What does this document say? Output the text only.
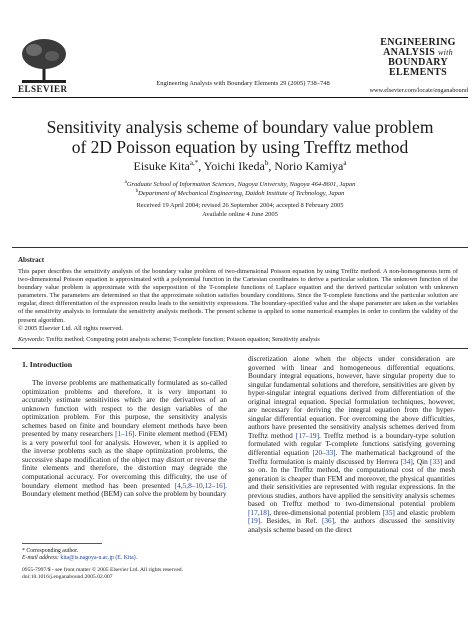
ELSEVIER
Engineering Analysis with Boundary Elements 29 (2005) 738–748
ENGINEERING
ANALYSIS with
BOUNDARY
ELEMENTS
www.elsevier.com/locate/enganabound
Sensitivity analysis scheme of boundary value problem
of 2D Poisson equation by using Trefftz method
Eisuke Kita$^{a,*}$, Yoichi Ikeda$^b$, Norio Kamiya$^a$
$^a$Graduate School of Information Sciences, Nagoya University, Nagoya 464-8601, Japan
$^b$Department of Mechanical Engineering, Daidoh Institute of Technology, Japan
Received 19 April 2004; revised 26 September 2004; accepted 8 February 2005
Available online 4 June 2005
Abstract

This paper describes the sensitivity analysis of the boundary value problem of two-dimensional Poisson equation by using Trefftz method. A non-homogeneous term of two-dimensional Poisson equation is approximated with a polynomial function in the Cartesian coordinates to derive a particular solution. The unknown function of the boundary value problem is approximate with the superposition of the T-complete functions of Laplace equation and the derived particular solution with unknown parameters. The parameters are determined so that the approximate solution satisfies boundary conditions. Since the T-complete functions and the particular solution are regular, direct differentiation of the expression results leads to the sensitivity expressions. The boundary-specified value and the shape parameter are taken as the variables of the sensitivity analysis to formulate the sensitivity analysis methods. The present scheme is applied to some numerical examples in order to confirm the validity of the present algorithm.

© 2005 Elsevier Ltd. All rights reserved.

Keywords: Trefftz method; Computing point analysis scheme; T-complete function; Poisson equation; Sensitivity analysis
1. Introduction

The inverse problems are mathematically formulated as so-called optimization problems and therefore, it is very important to accurately estimate sensitivities which are the derivatives of an unknown function with respect to the design variables of the optimization problem. For this purpose, the sensitivity analysis schemes based on finite and boundary element methods have been presented by many researchers [1–16]. Finite element method (FEM) is a very powerful tool for analysis. However, when it is applied to the inverse problems such as the shape optimization problems, the successive shape modification of the object may distort or reverse the finite elements and therefore, the distortion may degrade the computational accuracy. For overcoming this difficulty, the use of boundary element method has been presented [4,5,8–10,12–16]. Boundary element method (BEM) can solve the problem by boundary

discretization alone when the objects under consideration are governed with linear and homogeneous differential equations. Boundary integral equations, however, have singular property due to singular fundamental solutions and therefore, sensitivities are given by hyper-singular integral equations derived from differentiation of the original integral equation. Special formulation techniques, however, are necessary for deriving the integral equation from the hyper-singular differential equation. For overcoming the above difficulties, authors have presented the sensitivity analysis schemes derived from Trefftz method [17–19]. Trefftz method is a boundary-type solution formulated with regular T-complete functions satisfying governing differential equation [20–33]. The mathematical background of the Trefftz formulation is mainly discussed by Herrera [34], Qin [33] and so on. In the Trefftz method, the computational cost of the mesh generation is cheaper than FEM and moreover, the physical quantities and their sensitivities are represented with regular expressions. In the previous studies, authors have applied the sensitivity analysis schemes based on Trefftz method to two-dimensional potential problem [17,18], three-dimensional potential problem [35] and elastic problem [19]. Besides, in Ref. [36], the authors discussed the sensitivity analysis scheme based on the direct

* Corresponding author.
E-mail address: kita@is.nagoya-u.ac.jp (E. Kita).
0955-7997/$ - see front matter © 2005 Elsevier Ltd. All rights reserved.
doi:10.1016/j.enganabound.2005.02.007
